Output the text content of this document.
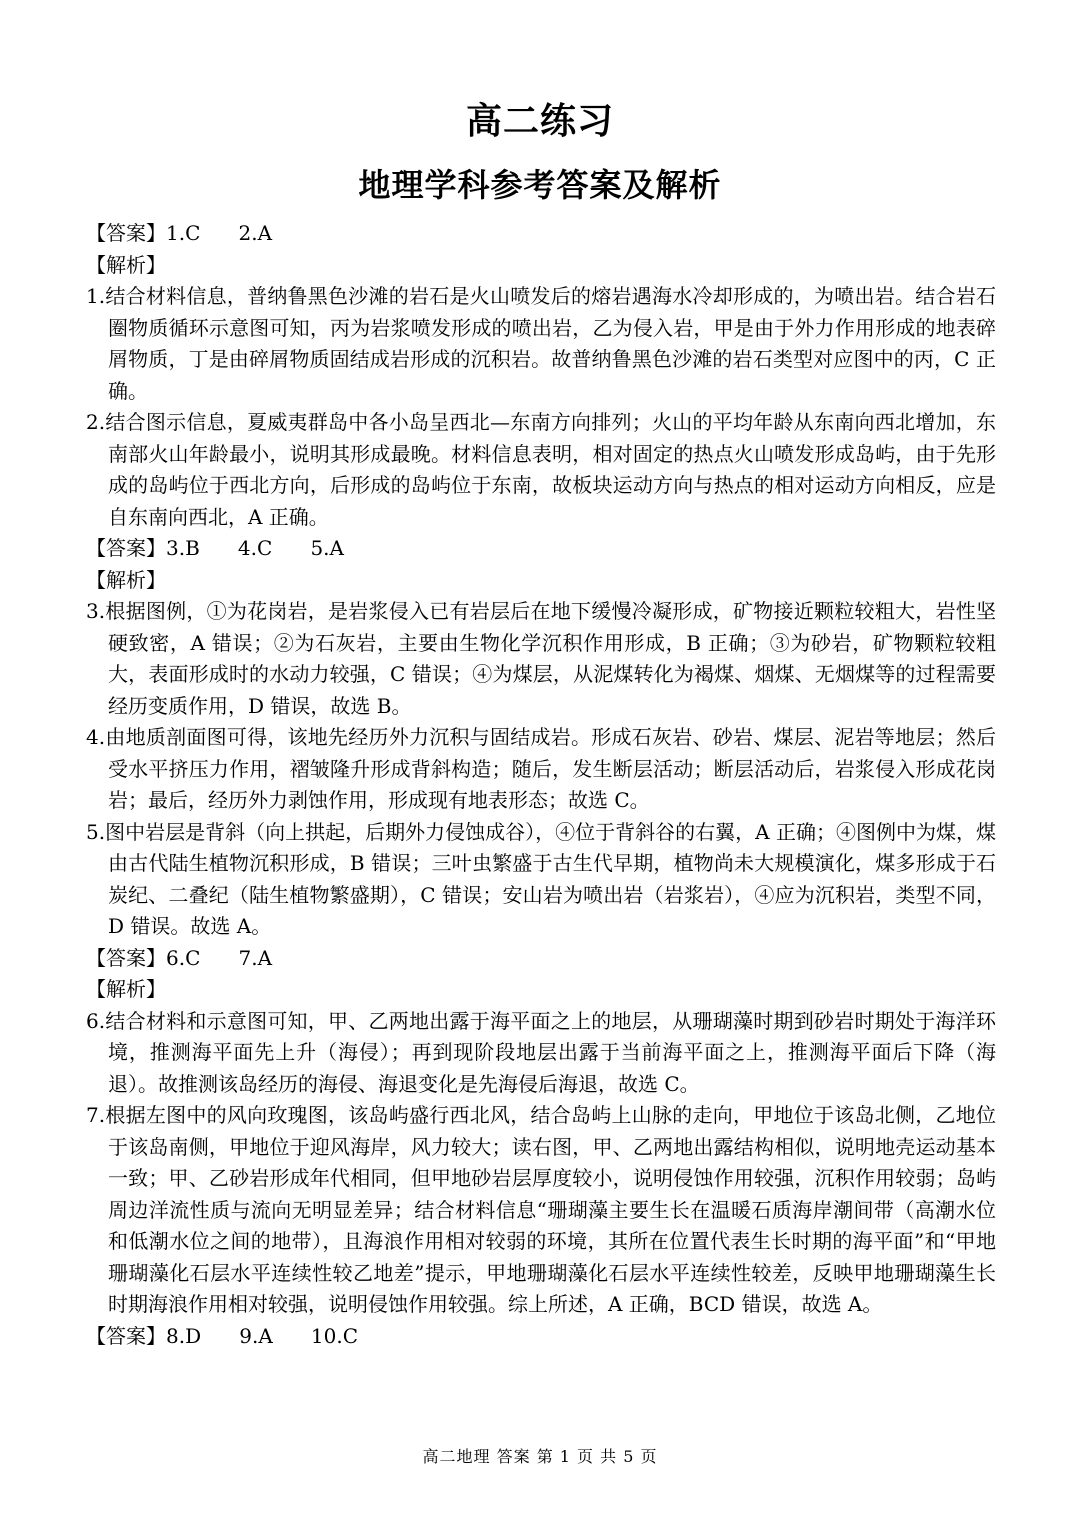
高二练习
地理学科参考答案及解析

【答案】1.C      2.A

【解析】

1.结合材料信息，普纳鲁黑色沙滩的岩石是火山喷发后的熔岩遇海水冷却形成的，为喷出岩。结合岩石圈物质循环示意图可知，丙为岩浆喷发形成的喷出岩，乙为侵入岩，甲是由于外力作用形成的地表碎屑物质，丁是由碎屑物质固结成岩形成的沉积岩。故普纳鲁黑色沙滩的岩石类型对应图中的丙，C 正确。

2.结合图示信息，夏威夷群岛中各小岛呈西北—东南方向排列；火山的平均年龄从东南向西北增加，东南部火山年龄最小，说明其形成最晚。材料信息表明，相对固定的热点火山喷发形成岛屿，由于先形成的岛屿位于西北方向，后形成的岛屿位于东南，故板块运动方向与热点的相对运动方向相反，应是自东南向西北，A 正确。

【答案】3.B      4.C      5.A

【解析】

3.根据图例，①为花岗岩，是岩浆侵入已有岩层后在地下缓慢冷凝形成，矿物接近颗粒较粗大，岩性坚硬致密，A 错误；②为石灰岩，主要由生物化学沉积作用形成，B 正确；③为砂岩，矿物颗粒较粗大，表面形成时的水动力较强，C 错误；④为煤层，从泥煤转化为褐煤、烟煤、无烟煤等的过程需要经历变质作用，D 错误，故选 B。

4.由地质剖面图可得，该地先经历外力沉积与固结成岩。形成石灰岩、砂岩、煤层、泥岩等地层；然后受水平挤压力作用，褶皱隆升形成背斜构造；随后，发生断层活动；断层活动后，岩浆侵入形成花岗岩；最后，经历外力剥蚀作用，形成现有地表形态；故选 C。

5.图中岩层是背斜（向上拱起，后期外力侵蚀成谷），④位于背斜谷的右翼，A 正确；④图例中为煤，煤由古代陆生植物沉积形成，B 错误；三叶虫繁盛于古生代早期，植物尚未大规模演化，煤多形成于石炭纪、二叠纪（陆生植物繁盛期），C 错误；安山岩为喷出岩（岩浆岩），④应为沉积岩，类型不同，D 错误。故选 A。

【答案】6.C      7.A

【解析】

6.结合材料和示意图可知，甲、乙两地出露于海平面之上的地层，从珊瑚藻时期到砂岩时期处于海洋环境，推测海平面先上升（海侵）；再到现阶段地层出露于当前海平面之上，推测海平面后下降（海退）。故推测该岛经历的海侵、海退变化是先海侵后海退，故选 C。

7.根据左图中的风向玫瑰图，该岛屿盛行西北风，结合岛屿上山脉的走向，甲地位于该岛北侧，乙地位于该岛南侧，甲地位于迎风海岸，风力较大；读右图，甲、乙两地出露结构相似，说明地壳运动基本一致；甲、乙砂岩形成年代相同，但甲地砂岩层厚度较小，说明侵蚀作用较强，沉积作用较弱；岛屿周边洋流性质与流向无明显差异；结合材料信息“珊瑚藻主要生长在温暖石质海岸潮间带（高潮水位和低潮水位之间的地带），且海浪作用相对较弱的环境，其所在位置代表生长时期的海平面”和“甲地珊瑚藻化石层水平连续性较乙地差”提示，甲地珊瑚藻化石层水平连续性较差，反映甲地珊瑚藻生长时期海浪作用相对较强，说明侵蚀作用较强。综上所述，A 正确，BCD 错误，故选 A。

【答案】8.D      9.A      10.C

高二地理 答案 第 1 页 共 5 页
